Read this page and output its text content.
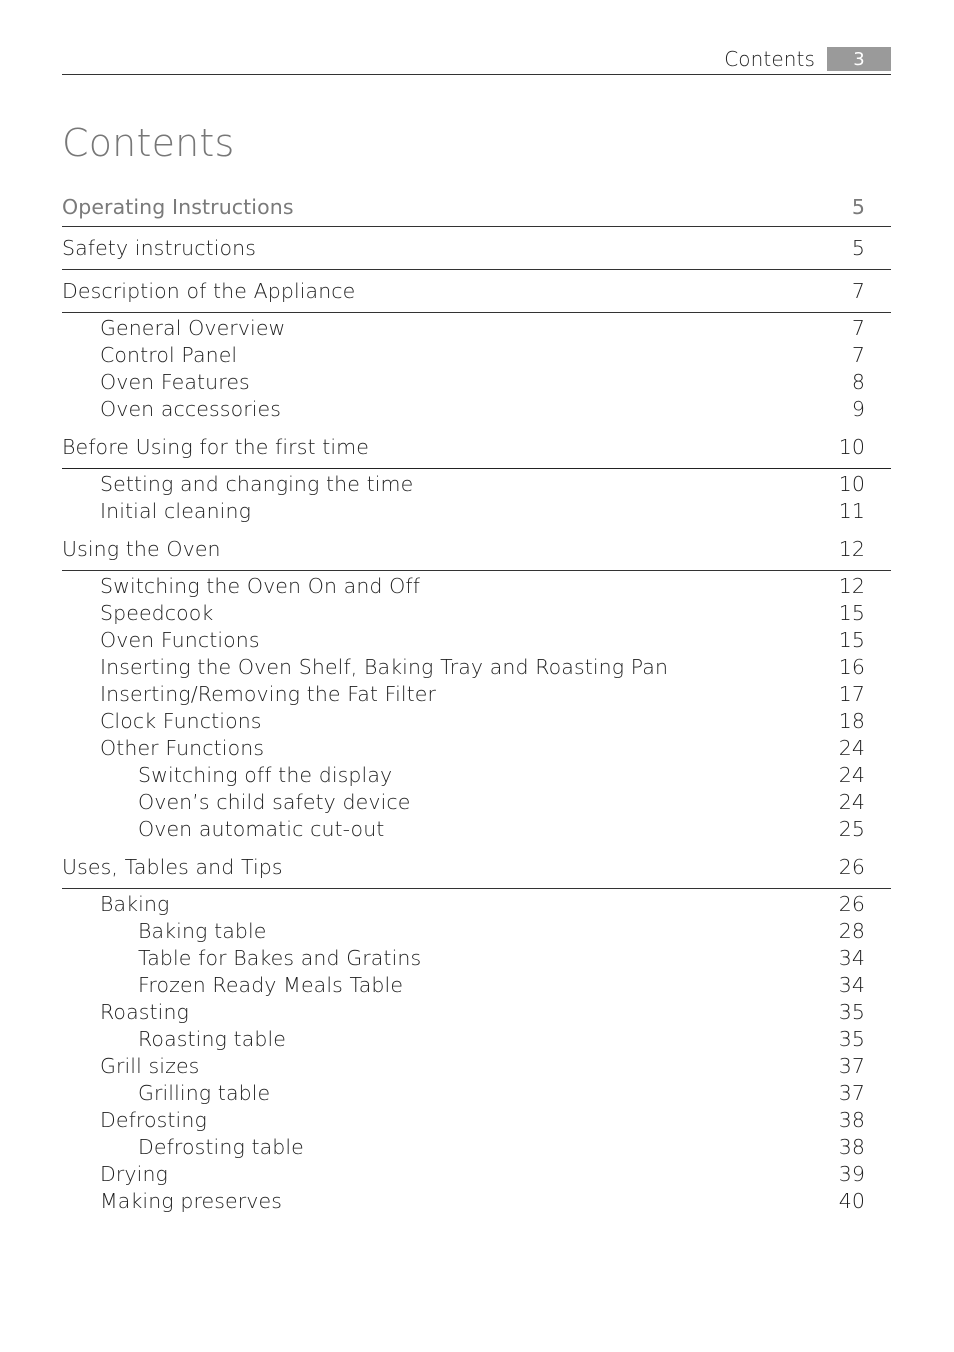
Contents	3
Contents
Operating Instructions	5
Safety instructions	5
Description of the Appliance	7
General Overview	7
Control Panel	7
Oven Features	8
Oven accessories	9
Before Using for the first time	10
Setting and changing the time	10
Initial cleaning	11
Using the Oven	12
Switching the Oven On and Off	12
Speedcook	15
Oven Functions	15
Inserting the Oven Shelf, Baking Tray and Roasting Pan	16
Inserting/Removing the Fat Filter	17
Clock Functions	18
Other Functions	24
Switching off the display	24
Oven’s child safety device	24
Oven automatic cut-out	25
Uses, Tables and Tips	26
Baking	26
Baking table	28
Table for Bakes and Gratins	34
Frozen Ready Meals Table	34
Roasting	35
Roasting table	35
Grill sizes	37
Grilling table	37
Defrosting	38
Defrosting table	38
Drying	39
Making preserves	40
